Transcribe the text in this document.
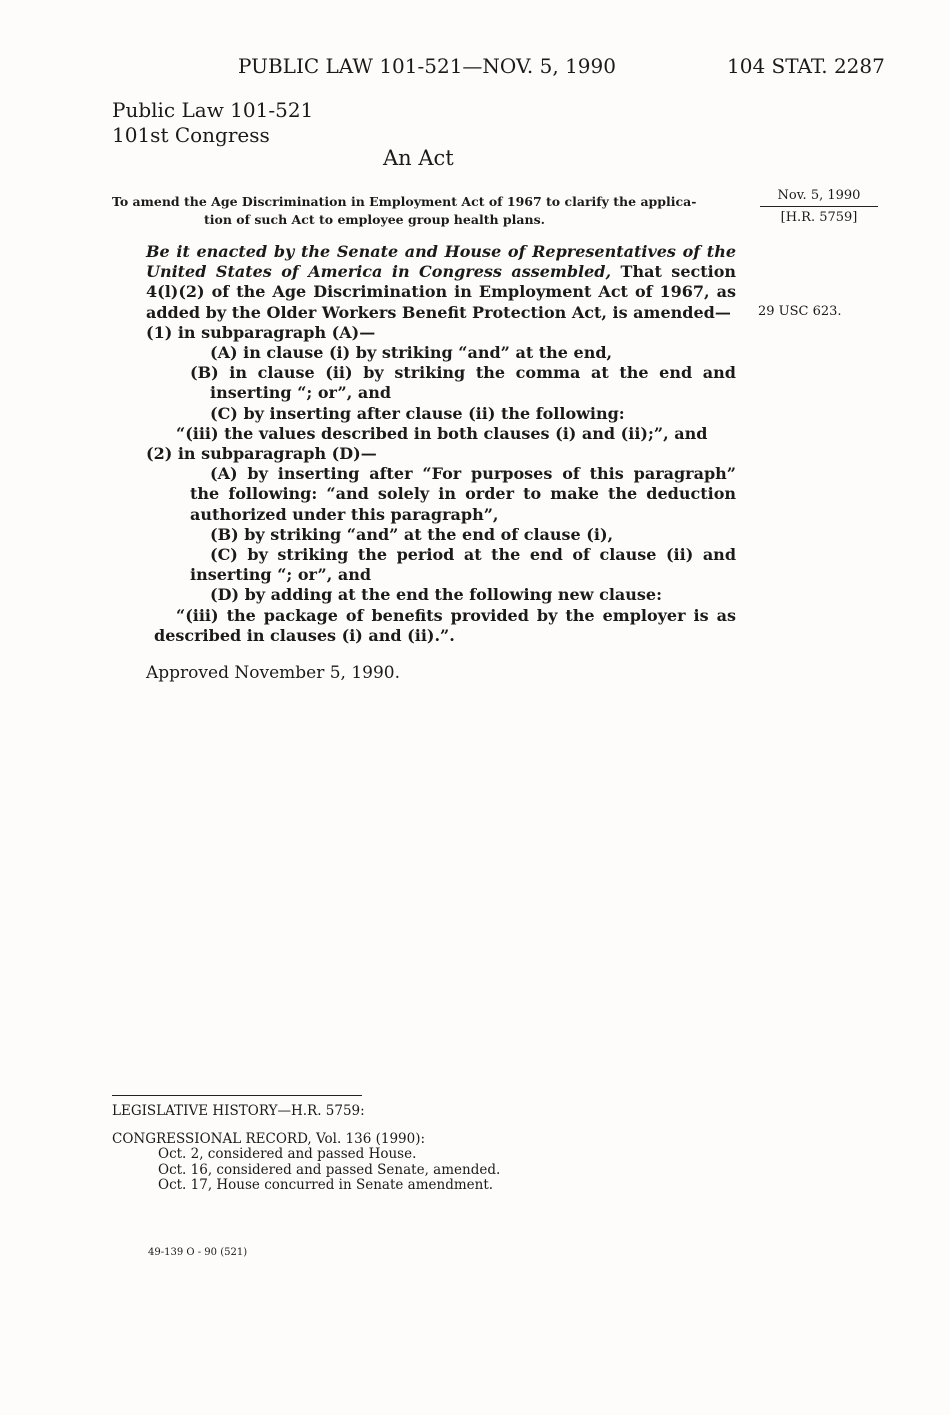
PUBLIC LAW 101-521—NOV. 5, 1990	104 STAT. 2287
Public Law 101-521
101st Congress
An Act
To amend the Age Discrimination in Employment Act of 1967 to clarify the applica-
tion of such Act to employee group health plans.
Nov. 5, 1990
[H.R. 5759]
29 USC 623.

Be it enacted by the Senate and House of Representatives of the United States of America in Congress assembled, That section 4(l)(2) of the Age Discrimination in Employment Act of 1967, as added by the Older Workers Benefit Protection Act, is amended—

(1) in subparagraph (A)—

(A) in clause (i) by striking “and” at the end,

(B) in clause (ii) by striking the comma at the end and inserting “; or”, and

(C) by inserting after clause (ii) the following:

“(iii) the values described in both clauses (i) and (ii);”, and

(2) in subparagraph (D)—

(A) by inserting after “For purposes of this paragraph” the following: “and solely in order to make the deduction authorized under this paragraph”,

(B) by striking “and” at the end of clause (i),

(C) by striking the period at the end of clause (ii) and inserting “; or”, and

(D) by adding at the end the following new clause:

“(iii) the package of benefits provided by the employer is as described in clauses (i) and (ii).”.

Approved November 5, 1990.
LEGISLATIVE HISTORY—H.R. 5759:
CONGRESSIONAL RECORD, Vol. 136 (1990):
Oct. 2, considered and passed House.
Oct. 16, considered and passed Senate, amended.
Oct. 17, House concurred in Senate amendment.
49-139 O - 90 (521)
